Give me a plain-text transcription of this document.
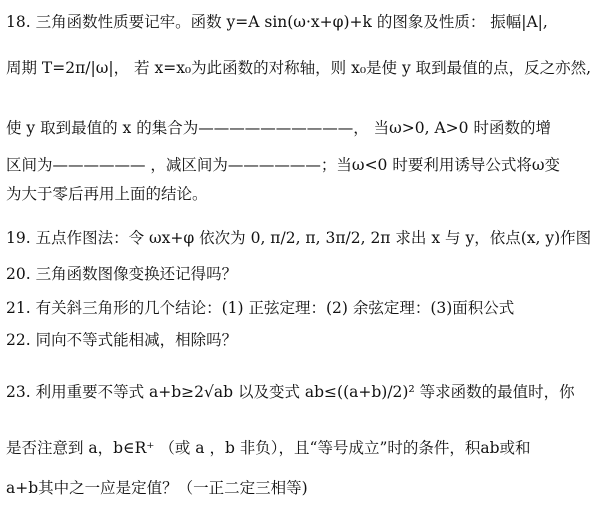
18. 三角函数性质要记牢。函数 y=A sin(ω·x+φ)+k 的图象及性质： 振幅|A|,
周期 T=2π/|ω|， 若 x=x₀为此函数的对称轴，则 x₀是使 y 取到最值的点，反之亦然,
使 y 取到最值的 x 的集合为——————————， 当ω>0, A>0 时函数的增
区间为—————— ，减区间为——————；当ω<0 时要利用诱导公式将ω变
为大于零后再用上面的结论。
19. 五点作图法：令 ωx+φ 依次为 0, π/2, π, 3π/2, 2π 求出 x 与 y，依点(x, y)作图
20. 三角函数图像变换还记得吗？
21. 有关斜三角形的几个结论：(1) 正弦定理：(2) 余弦定理：(3)面积公式
22. 同向不等式能相减，相除吗？
23. 利用重要不等式 a+b≥2√ab 以及变式 ab≤((a+b)/2)² 等求函数的最值时，你
是否注意到 a，b∈R⁺ （或 a ，b 非负），且“等号成立”时的条件，积ab或和
a+b其中之一应是定值？（一正二定三相等)
